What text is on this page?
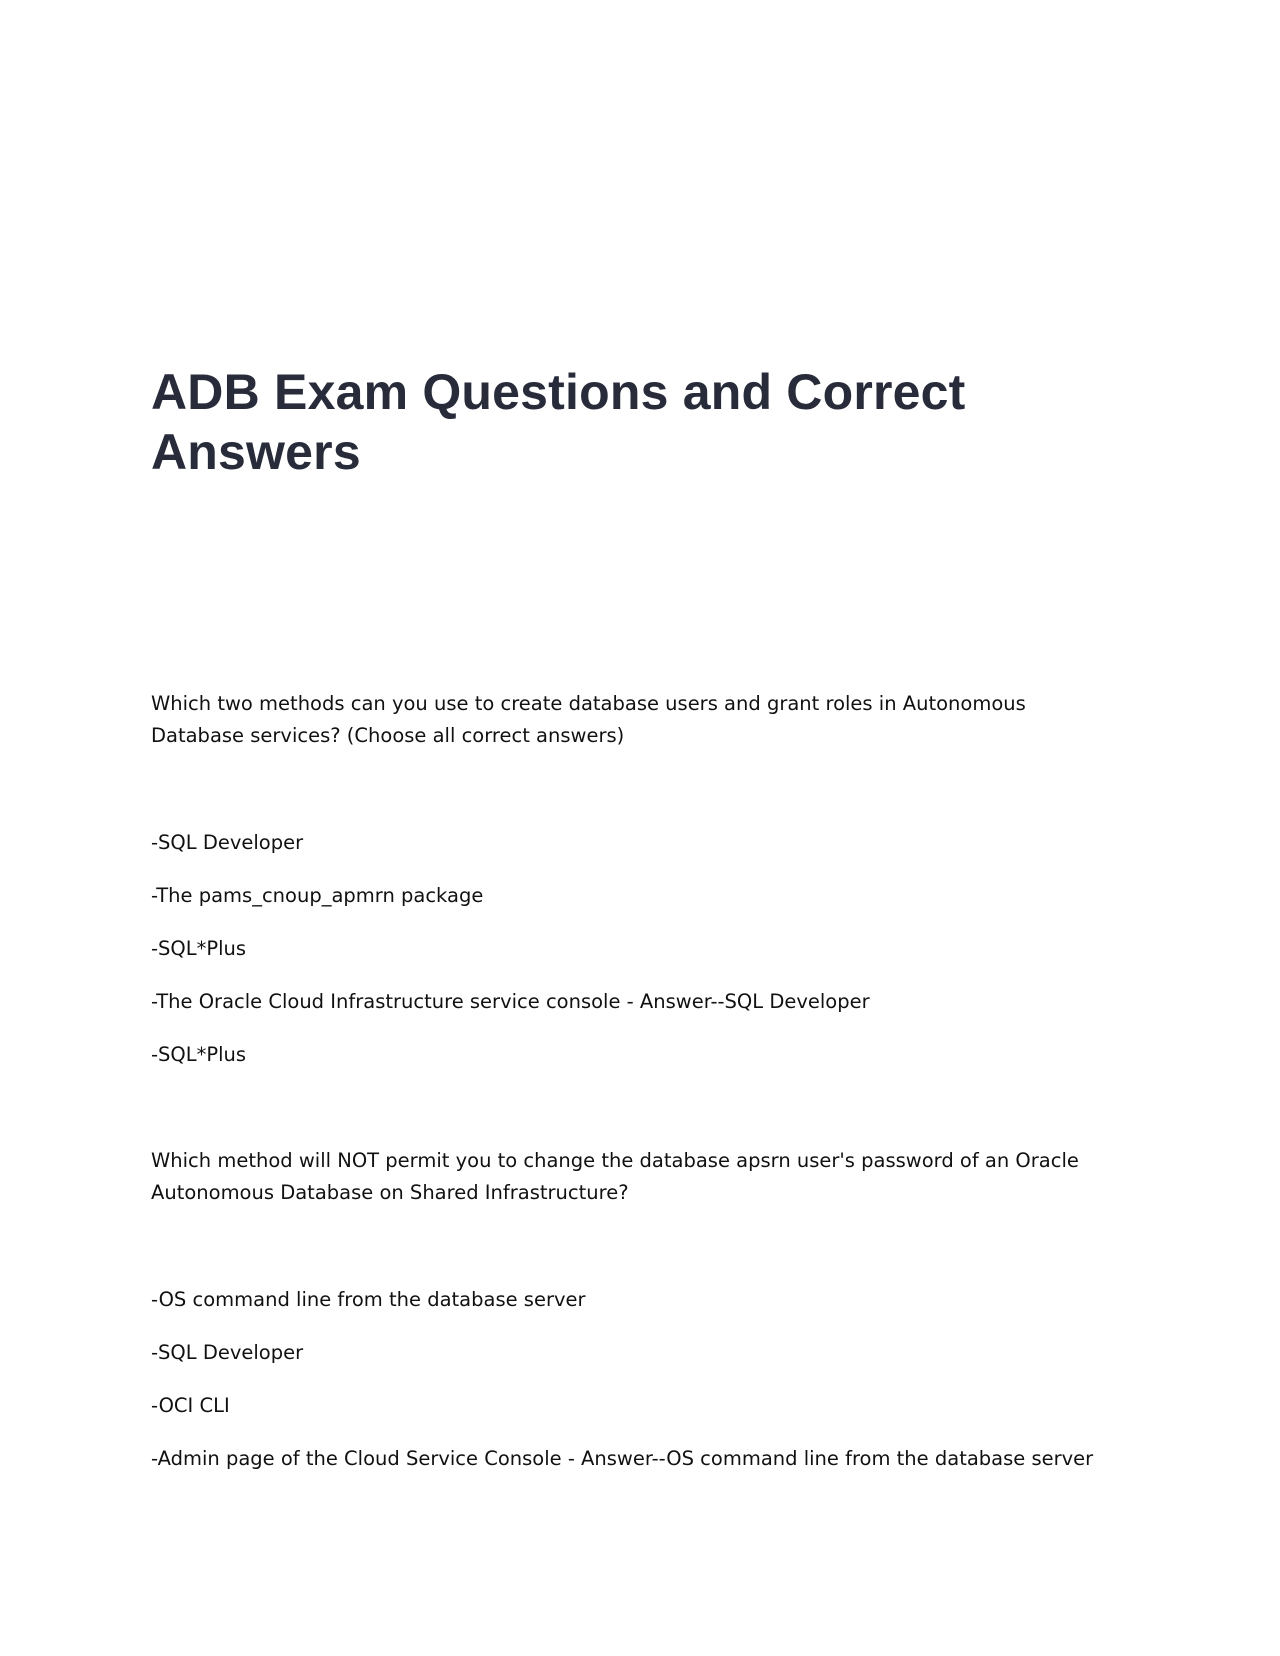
ADB Exam Questions and Correct Answers

Which two methods can you use to create database users and grant roles in Autonomous Database services? (Choose all correct answers)

-SQL Developer

-The pams_cnoup_apmrn package

-SQL*Plus

-The Oracle Cloud Infrastructure service console - Answer--SQL Developer

-SQL*Plus

Which method will NOT permit you to change the database apsrn user's password of an Oracle Autonomous Database on Shared Infrastructure?

-OS command line from the database server

-SQL Developer

-OCI CLI

-Admin page of the Cloud Service Console - Answer--OS command line from the database server
